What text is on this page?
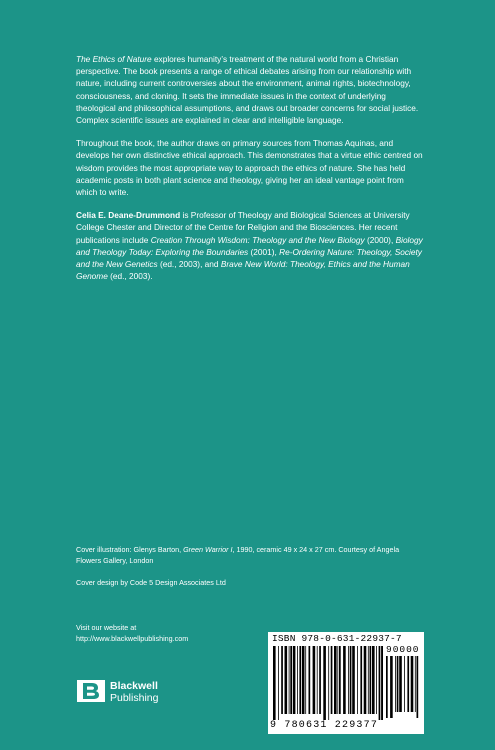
The Ethics of Nature explores humanity’s treatment of the natural world from a Christian perspective. The book presents a range of ethical debates arising from our relationship with nature, including current controversies about the environment, animal rights, biotechnology, consciousness, and cloning. It sets the immediate issues in the context of underlying theological and philosophical assumptions, and draws out broader concerns for social justice. Complex scientific issues are explained in clear and intelligible language.

Throughout the book, the author draws on primary sources from Thomas Aquinas, and develops her own distinctive ethical approach. This demonstrates that a virtue ethic centred on wisdom provides the most appropriate way to approach the ethics of nature. She has held academic posts in both plant science and theology, giving her an ideal vantage point from which to write.

Celia E. Deane-Drummond is Professor of Theology and Biological Sciences at University College Chester and Director of the Centre for Religion and the Biosciences. Her recent publications include Creation Through Wisdom: Theology and the New Biology (2000), Biology and Theology Today: Exploring the Boundaries (2001), Re-Ordering Nature: Theology, Society and the New Genetics (ed., 2003), and Brave New World: Theology, Ethics and the Human Genome (ed., 2003).

Cover illustration: Glenys Barton, Green Warrior I, 1990, ceramic 49 x 24 x 27 cm. Courtesy of Angela Flowers Gallery, London

Cover design by Code 5 Design Associates Ltd

Visit our website at
http://www.blackwellpublishing.com
Blackwell
Publishing
ISBN 978-0-631-22937-7
90000
9 780631 229377
